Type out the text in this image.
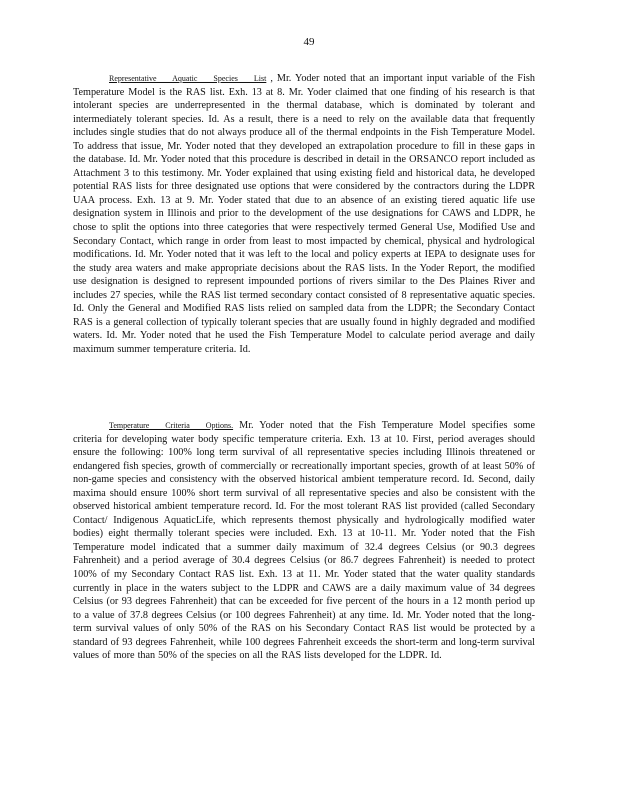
49

Representative Aquatic Species List , Mr. Yoder noted that an important input variable of the Fish Temperature Model is the RAS list. Exh. 13 at 8. Mr. Yoder claimed that one finding of his research is that intolerant species are underrepresented in the thermal database, which is dominated by tolerant and intermediately tolerant species. Id. As a result, there is a need to rely on the available data that frequently includes single studies that do not always produce all of the thermal endpoints in the Fish Temperature Model. To address that issue, Mr. Yoder noted that they developed an extrapolation procedure to fill in these gaps in the database. Id. Mr. Yoder noted that this procedure is described in detail in the ORSANCO report included as Attachment 3 to this testimony. Mr. Yoder explained that using existing field and historical data, he developed potential RAS lists for three designated use options that were considered by the contractors during the LDPR UAA process. Exh. 13 at 9. Mr. Yoder stated that due to an absence of an existing tiered aquatic life use designation system in Illinois and prior to the development of the use designations for CAWS and LDPR, he chose to split the options into three categories that were respectively termed General Use, Modified Use and Secondary Contact, which range in order from least to most impacted by chemical, physical and hydrological modifications. Id. Mr. Yoder noted that it was left to the local and policy experts at IEPA to designate uses for the study area waters and make appropriate decisions about the RAS lists. In the Yoder Report, the modified use designation is designed to represent impounded portions of rivers similar to the Des Plaines River and includes 27 species, while the RAS list termed secondary contact consisted of 8 representative aquatic species. Id. Only the General and Modified RAS lists relied on sampled data from the LDPR; the Secondary Contact RAS is a general collection of typically tolerant species that are usually found in highly degraded and modified waters. Id. Mr. Yoder noted that he used the Fish Temperature Model to calculate period average and daily maximum summer temperature criteria. Id.

Temperature Criteria Options. Mr. Yoder noted that the Fish Temperature Model specifies some criteria for developing water body specific temperature criteria. Exh. 13 at 10. First, period averages should ensure the following: 100% long term survival of all representative species including Illinois threatened or endangered fish species, growth of commercially or recreationally important species, growth of at least 50% of non-game species and consistency with the observed historical ambient temperature record. Id. Second, daily maxima should ensure 100% short term survival of all representative species and also be consistent with the observed historical ambient temperature record. Id. For the most tolerant RAS list provided (called Secondary Contact/ Indigenous AquaticLife, which represents themost physically and hydrologically modified water bodies) eight thermally tolerant species were included. Exh. 13 at 10-11. Mr. Yoder noted that the Fish Temperature model indicated that a summer daily maximum of 32.4 degrees Celsius (or 90.3 degrees Fahrenheit) and a period average of 30.4 degrees Celsius (or 86.7 degrees Fahrenheit) is needed to protect 100% of my Secondary Contact RAS list. Exh. 13 at 11. Mr. Yoder stated that the water quality standards currently in place in the waters subject to the LDPR and CAWS are a daily maximum value of 34 degrees Celsius (or 93 degrees Fahrenheit) that can be exceeded for five percent of the hours in a 12 month period up to a value of 37.8 degrees Celsius (or 100 degrees Fahrenheit) at any time. Id. Mr. Yoder noted that the long-term survival values of only 50% of the RAS on his Secondary Contact RAS list would be protected by a standard of 93 degrees Fahrenheit, while 100 degrees Fahrenheit exceeds the short-term and long-term survival values of more than 50% of the species on all the RAS lists developed for the LDPR. Id.
